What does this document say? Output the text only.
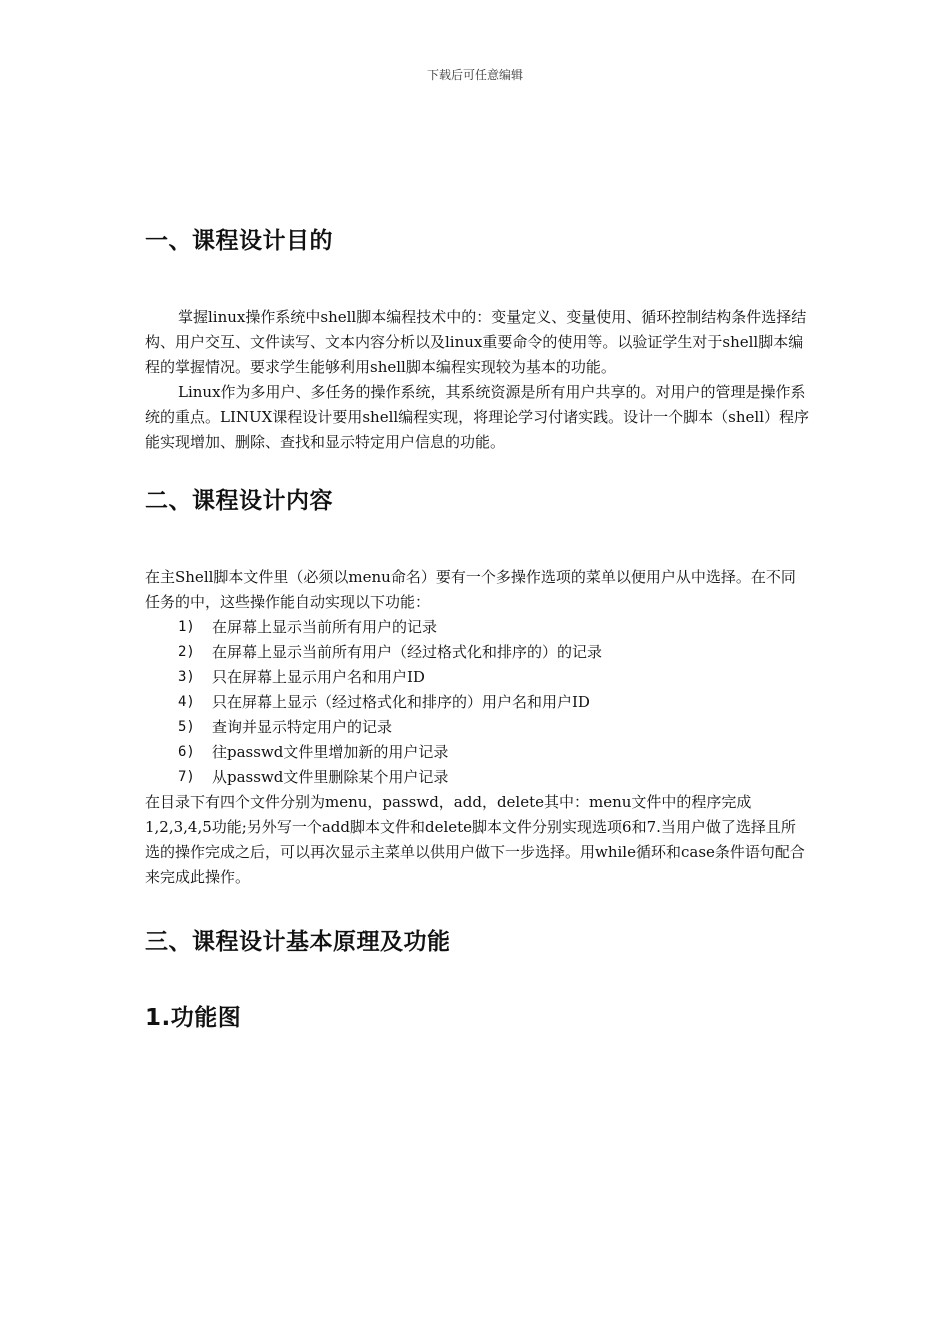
下载后可任意编辑
一、课程设计目的

掌握linux操作系统中shell脚本编程技术中的：变量定义、变量使用、循环控制结构条件选择结构、用户交互、文件读写、文本内容分析以及linux重要命令的使用等。以验证学生对于shell脚本编程的掌握情况。要求学生能够利用shell脚本编程实现较为基本的功能。

Linux作为多用户、多任务的操作系统，其系统资源是所有用户共享的。对用户的管理是操作系统的重点。LINUX课程设计要用shell编程实现，将理论学习付诸实践。设计一个脚本（shell）程序能实现增加、删除、查找和显示特定用户信息的功能。

二、课程设计内容

在主Shell脚本文件里（必须以menu命名）要有一个多操作选项的菜单以便用户从中选择。在不同任务的中，这些操作能自动实现以下功能：

1)	在屏幕上显示当前所有用户的记录
2)	在屏幕上显示当前所有用户（经过格式化和排序的）的记录
3)	只在屏幕上显示用户名和用户ID
4)	只在屏幕上显示（经过格式化和排序的）用户名和用户ID
5)	查询并显示特定用户的记录
6)	往passwd文件里增加新的用户记录
7)	从passwd文件里删除某个用户记录

在目录下有四个文件分别为menu，passwd，add，delete其中：menu文件中的程序完成1,2,3,4,5功能;另外写一个add脚本文件和delete脚本文件分别实现选项6和7.当用户做了选择且所选的操作完成之后，可以再次显示主菜单以供用户做下一步选择。用while循环和case条件语句配合来完成此操作。

三、课程设计基本原理及功能
1.功能图
